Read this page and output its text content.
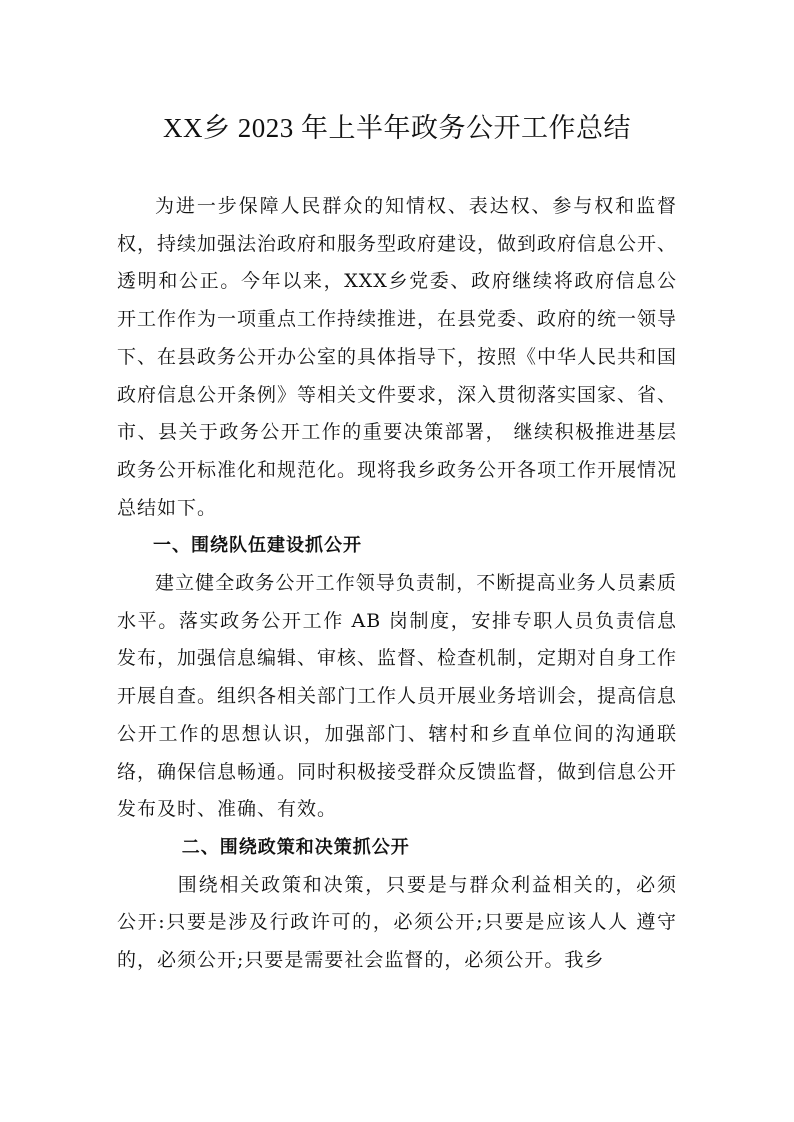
XX乡 2023 年上半年政务公开工作总结

为进一步保障人民群众的知情权、表达权、参与权和监督权，持续加强法治政府和服务型政府建设，做到政府信息公开、透明和公正。今年以来，XXX乡党委、政府继续将政府信息公开工作作为一项重点工作持续推进，在县党委、政府的统一领导下、在县政务公开办公室的具体指导下，按照《中华人民共和国政府信息公开条例》等相关文件要求，深入贯彻落实国家、省、市、县关于政务公开工作的重要决策部署， 继续积极推进基层政务公开标准化和规范化。现将我乡政务公开各项工作开展情况总结如下。

一、围绕队伍建设抓公开

建立健全政务公开工作领导负责制，不断提高业务人员素质水平。落实政务公开工作 AB 岗制度，安排专职人员负责信息发布，加强信息编辑、审核、监督、检查机制，定期对自身工作开展自查。组织各相关部门工作人员开展业务培训会，提高信息公开工作的思想认识，加强部门、辖村和乡直单位间的沟通联络，确保信息畅通。同时积极接受群众反馈监督，做到信息公开发布及时、准确、有效。

二、围绕政策和决策抓公开

围绕相关政策和决策，只要是与群众利益相关的，必须公开:只要是涉及行政许可的，必须公开;只要是应该人人 遵守的，必须公开;只要是需要社会监督的，必须公开。我乡
